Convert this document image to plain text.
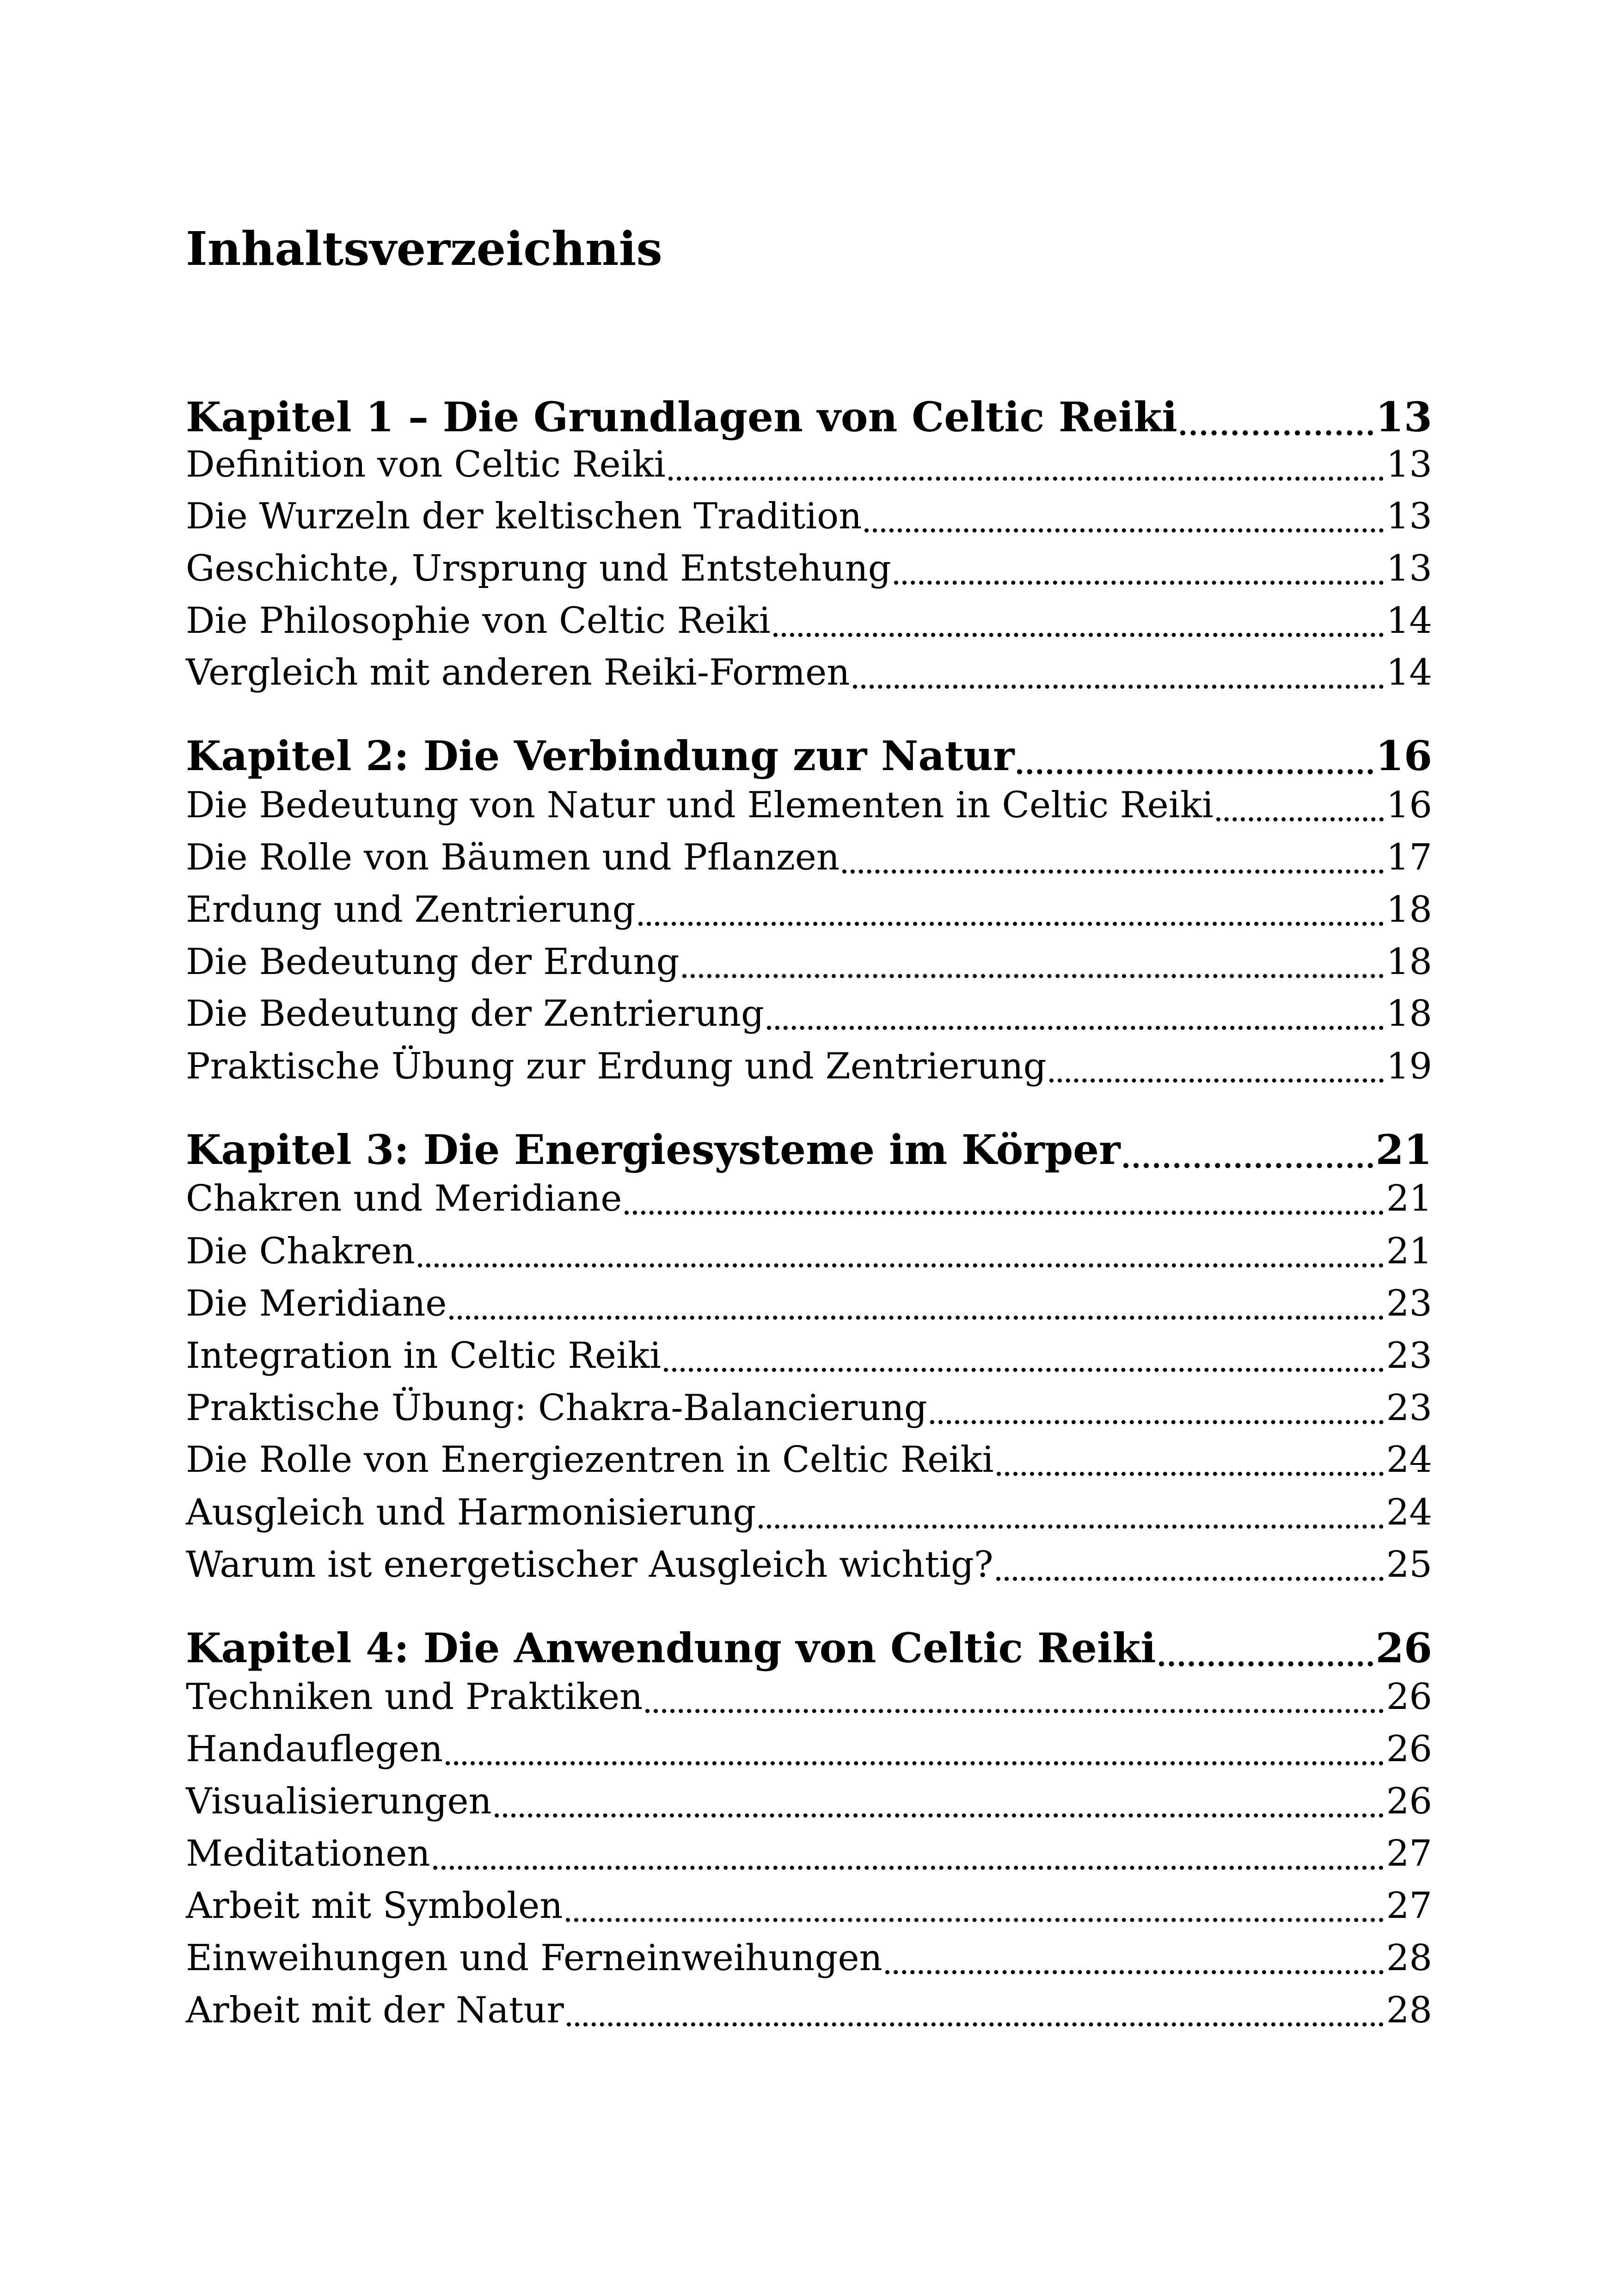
Inhaltsverzeichnis
Kapitel 1 – Die Grundlagen von Celtic Reiki	13
Definition von Celtic Reiki	13
Die Wurzeln der keltischen Tradition	13
Geschichte, Ursprung und Entstehung	13
Die Philosophie von Celtic Reiki	14
Vergleich mit anderen Reiki-Formen	14
Kapitel 2: Die Verbindung zur Natur	16
Die Bedeutung von Natur und Elementen in Celtic Reiki	16
Die Rolle von Bäumen und Pflanzen	17
Erdung und Zentrierung	18
Die Bedeutung der Erdung	18
Die Bedeutung der Zentrierung	18
Praktische Übung zur Erdung und Zentrierung	19
Kapitel 3: Die Energiesysteme im Körper	21
Chakren und Meridiane	21
Die Chakren	21
Die Meridiane	23
Integration in Celtic Reiki	23
Praktische Übung: Chakra-Balancierung	23
Die Rolle von Energiezentren in Celtic Reiki	24
Ausgleich und Harmonisierung	24
Warum ist energetischer Ausgleich wichtig?	25
Kapitel 4: Die Anwendung von Celtic Reiki	26
Techniken und Praktiken	26
Handauflegen	26
Visualisierungen	26
Meditationen	27
Arbeit mit Symbolen	27
Einweihungen und Ferneinweihungen	28
Arbeit mit der Natur	28
